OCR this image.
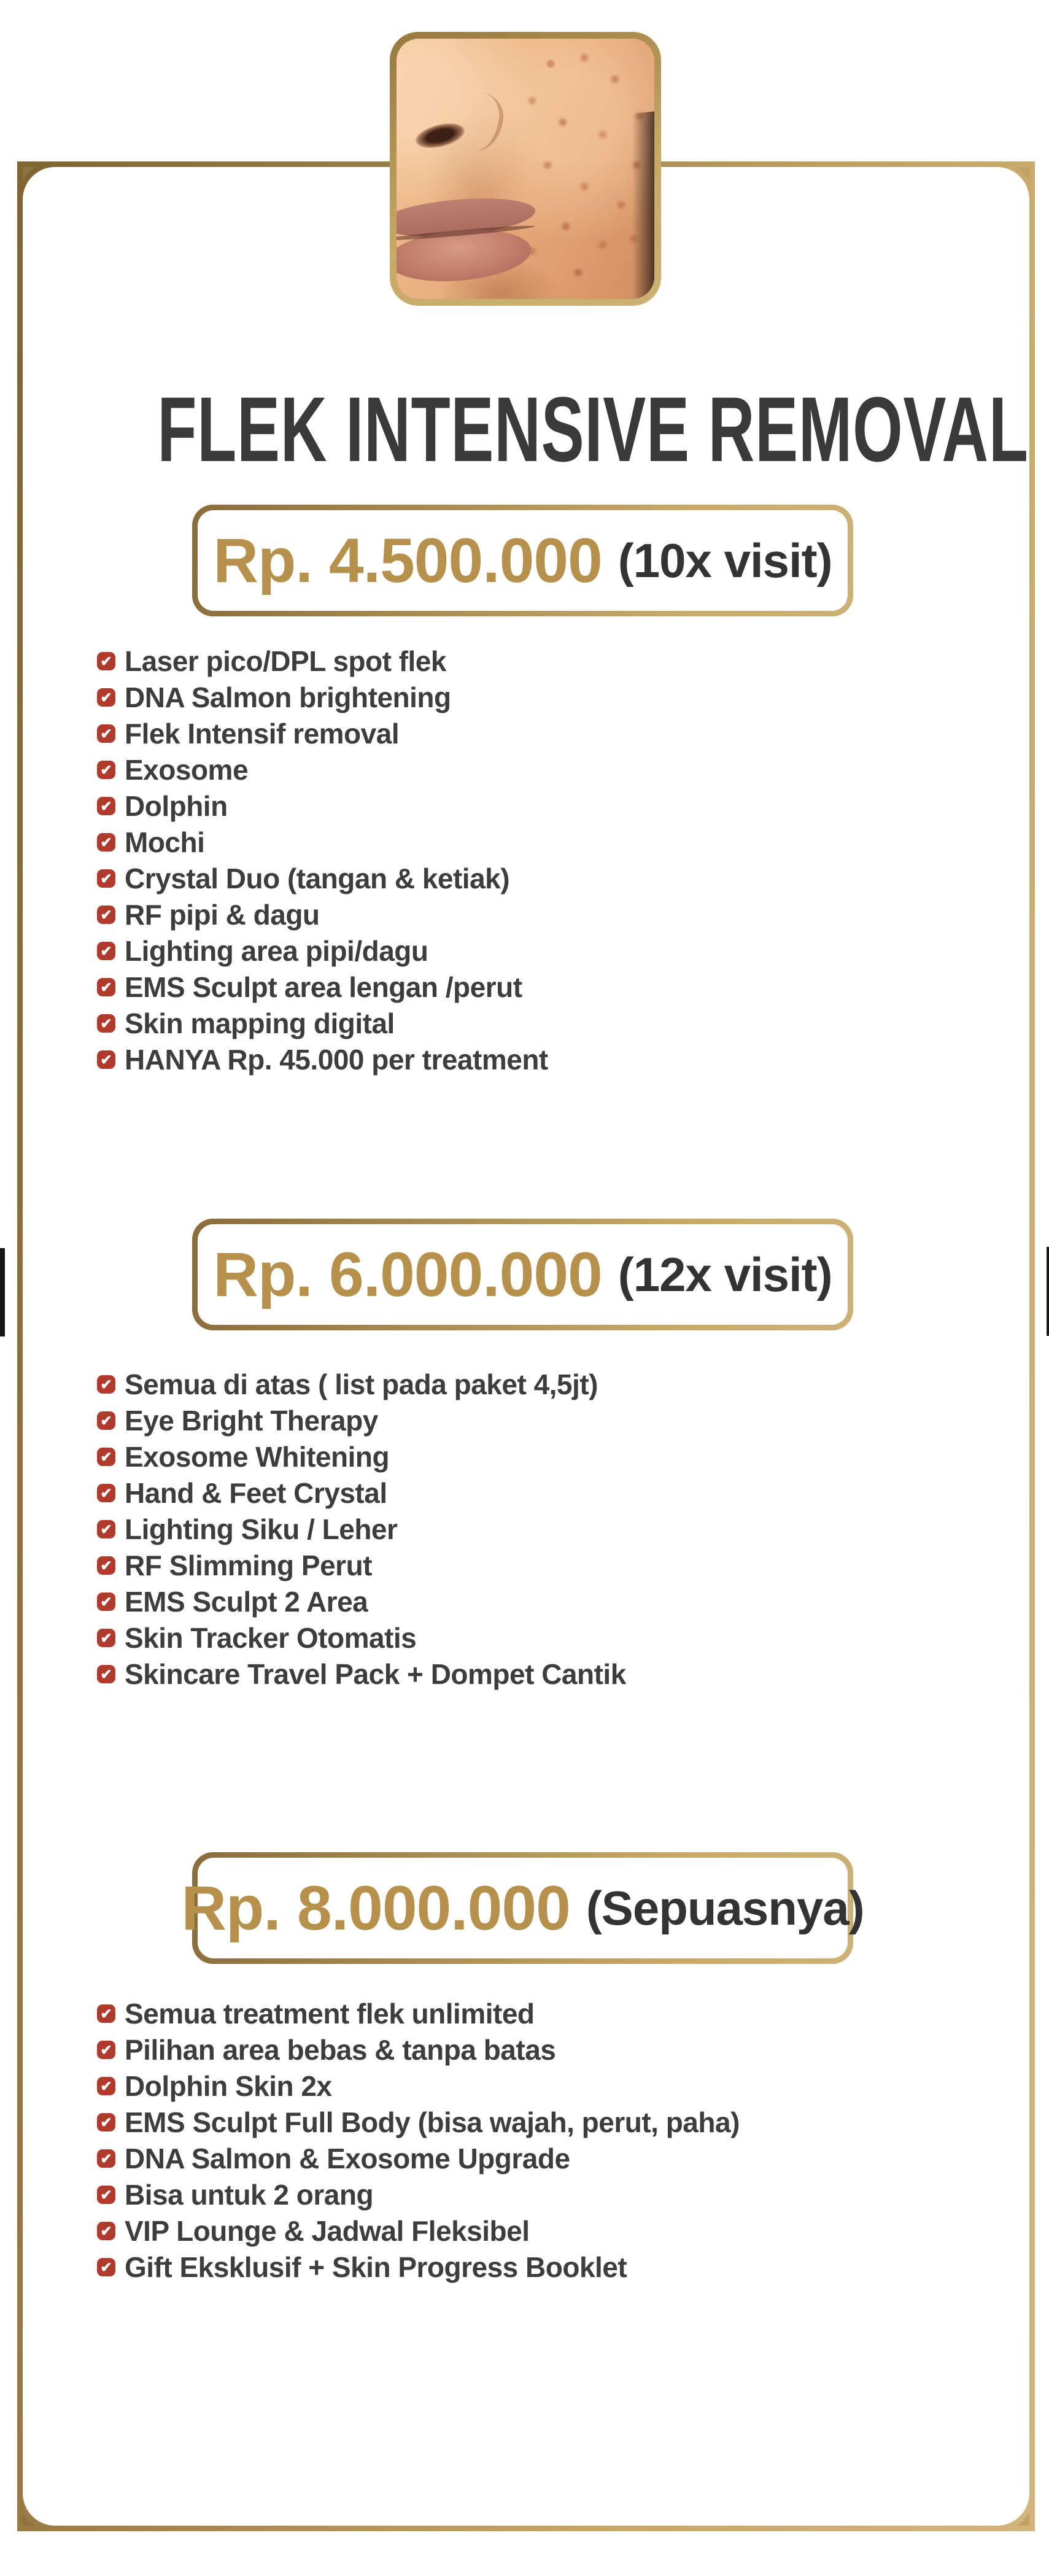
FLEK INTENSIVE REMOVAL
Rp. 4.500.000 (10x visit)
✔ Laser pico/DPL spot flek
✔ DNA Salmon brightening
✔ Flek Intensif removal
✔ Exosome
✔ Dolphin
✔ Mochi
✔ Crystal Duo (tangan & ketiak)
✔ RF pipi & dagu
✔ Lighting area pipi/dagu
✔ EMS Sculpt area lengan /perut
✔ Skin mapping digital
✔ HANYA Rp. 45.000 per treatment
Rp. 6.000.000 (12x visit)
✔ Semua di atas ( list pada paket 4,5jt)
✔ Eye Bright Therapy
✔ Exosome Whitening
✔ Hand & Feet Crystal
✔ Lighting Siku / Leher
✔ RF Slimming Perut
✔ EMS Sculpt 2 Area
✔ Skin Tracker Otomatis
✔ Skincare Travel Pack + Dompet Cantik
Rp. 8.000.000 (Sepuasnya)
✔ Semua treatment flek unlimited
✔ Pilihan area bebas & tanpa batas
✔ Dolphin Skin 2x
✔ EMS Sculpt Full Body (bisa wajah, perut, paha)
✔ DNA Salmon & Exosome Upgrade
✔ Bisa untuk 2 orang
✔ VIP Lounge & Jadwal Fleksibel
✔ Gift Eksklusif + Skin Progress Booklet
